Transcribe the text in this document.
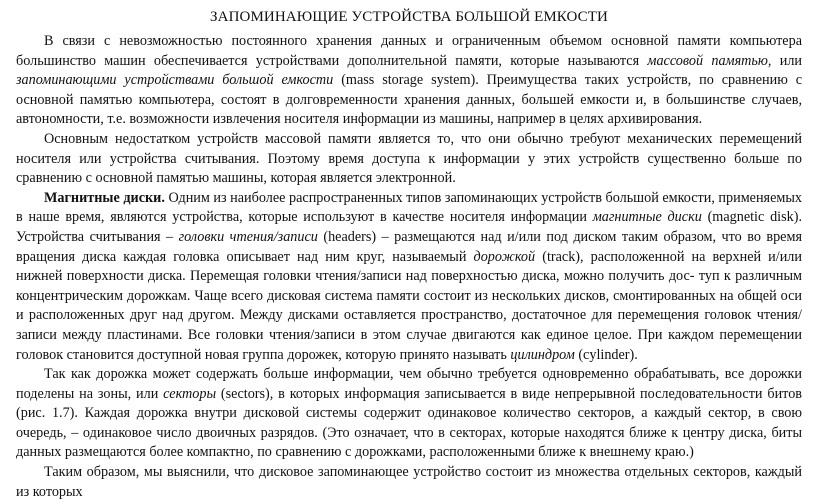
ЗАПОМИНАЮЩИЕ УСТРОЙСТВА БОЛЬШОЙ ЕМКОСТИ

В связи с невозможностью постоянного хранения данных и ограниченным объемом основной памяти компьютера большинство машин обеспечивается устройствами дополнительной памяти, которые называются массовой памятью, или запоминающими устройствами большой емкости (mass storage system). Преимущества таких устройств, по сравнению с основной памятью компьютера, состоят в долговременности хранения данных, большей емкости и, в большинстве случаев, автономности, т.е. возможности извлечения носителя информации из машины, например в целях архивирования.

Основным недостатком устройств массовой памяти является то, что они обычно требуют механических перемещений носителя или устройства считывания. Поэтому время доступа к информации у этих устройств существенно больше по сравнению с основной памятью машины, которая является электронной.

Магнитные диски. Одним из наиболее распространенных типов запоминающих устройств большой емкости, применяемых в наше время, являются устройства, которые используют в качестве носителя информации магнитные диски (magnetic disk). Устройства считывания – головки чтения/записи (headers) – размещаются над и/или под диском таким образом, что во время вращения диска каждая головка описывает над ним круг, называемый дорожкой (track), расположенной на верхней и/или нижней поверхности диска. Перемещая головки чтения/записи над поверхностью диска, можно получить дос- туп к различным концентрическим дорожкам. Чаще всего дисковая система памяти состоит из нескольких дисков, смонтированных на общей оси и расположенных друг над другом. Между дисками оставляется пространство, достаточное для перемещения головок чтения/записи между пластинами. Все головки чтения/записи в этом случае двигаются как единое целое. При каждом перемещении головок становится доступной новая группа дорожек, которую принято называть цилиндром (cylinder).

Так как дорожка может содержать больше информации, чем обычно требуется одновременно обрабатывать, все дорожки поделены на зоны, или секторы (sectors), в которых информация записывается в виде непрерывной последовательности битов (рис. 1.7). Каждая дорожка внутри дисковой системы содержит одинаковое количество секторов, а каждый сектор, в свою очередь, – одинаковое число двоичных разрядов. (Это означает, что в секторах, которые находятся ближе к центру диска, биты данных размещаются более компактно, по сравнению с дорожками, расположенными ближе к внешнему краю.)

Таким образом, мы выяснили, что дисковое запоминающее устройство состоит из множества отдельных секторов, каждый из которых
